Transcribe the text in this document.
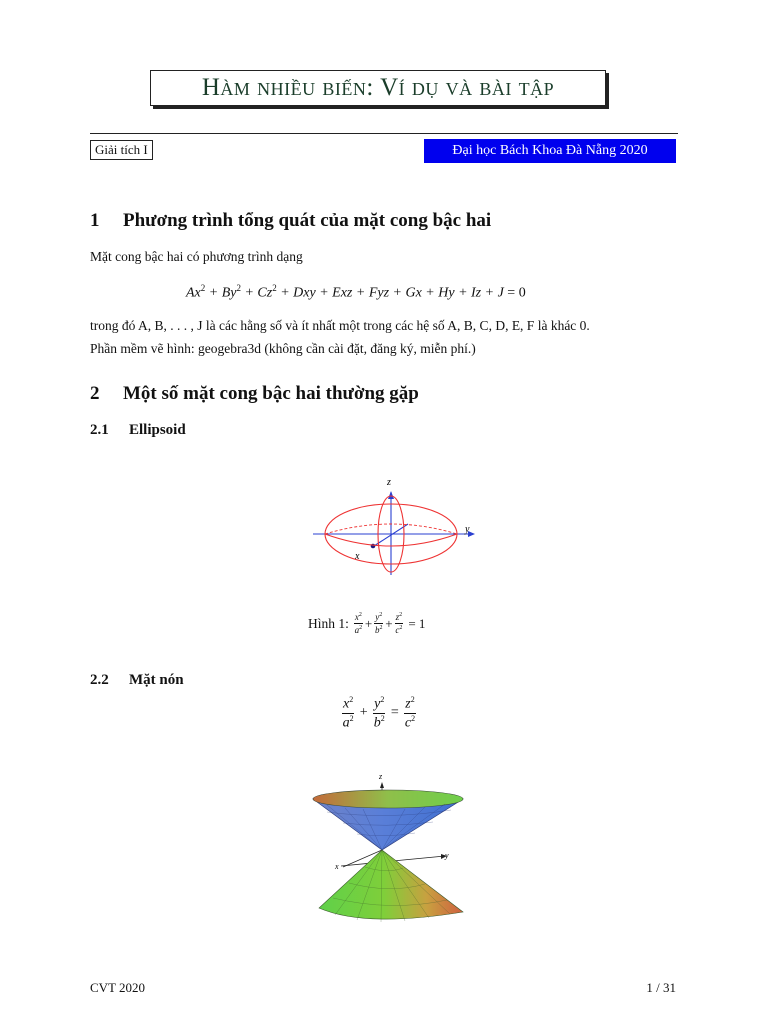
Hàm nhiều biến: Ví dụ và bài tập
Giải tích I	Đại học Bách Khoa Đà Nẵng 2020
1 Phương trình tổng quát của mặt cong bậc hai
Mặt cong bậc hai có phương trình dạng
$Ax^2 + By^2 + Cz^2$ + Dxy + Exz + Fyz + Gx + Hy + Iz + J = 0
trong đó A, B, . . . , J là các hằng số và ít nhất một trong các hệ số A, B, C, D, E, F là khác 0.
Phần mềm vẽ hình: geogebra3d (không cần cài đặt, đăng ký, miễn phí.)
2 Một số mặt cong bậc hai thường gặp
2.1 Ellipsoid
z
y
x
Hình 1: $\frac{x^2}{a^2} + \frac{y^2}{b^2} + \frac{z^2}{c^2} = 1$
2.2 Mặt nón
$\frac{x^2}{a^2} + \frac{y^2}{b^2} = \frac{z^2}{c^2}$
z
y
x
CVT 2020	1 / 31
